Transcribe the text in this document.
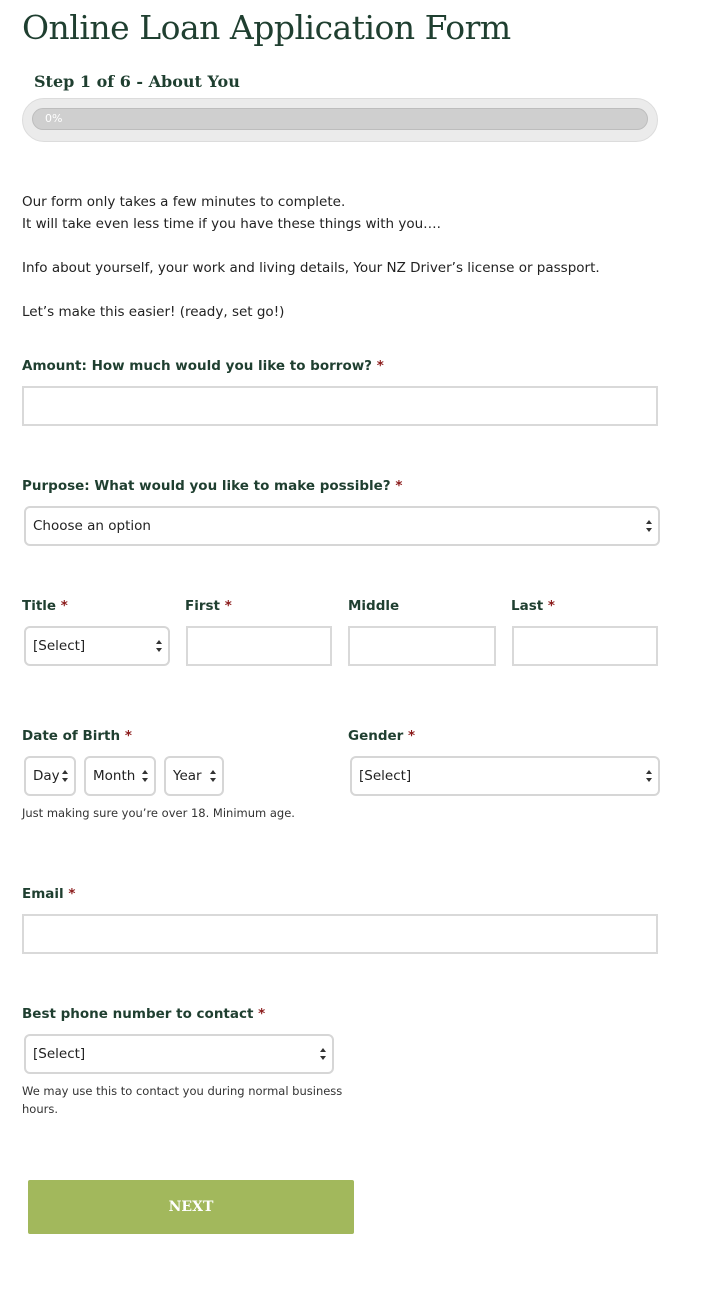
Online Loan Application Form
Step 1 of 6 - About You
0%
Our form only takes a few minutes to complete.
It will take even less time if you have these things with you….
Info about yourself, your work and living details, Your NZ Driver’s license or passport.
Let’s make this easier! (ready, set go!)
Amount: How much would you like to borrow? *
Purpose: What would you like to make possible? *
Choose an option
Title *
[Select]
First *	Middle	Last *
Date of Birth *
Day	Month	Year
Just making sure you’re over 18. Minimum age.
Gender *
[Select]
Email *
Best phone number to contact *
[Select]
We may use this to contact you during normal business
hours.
NEXT
